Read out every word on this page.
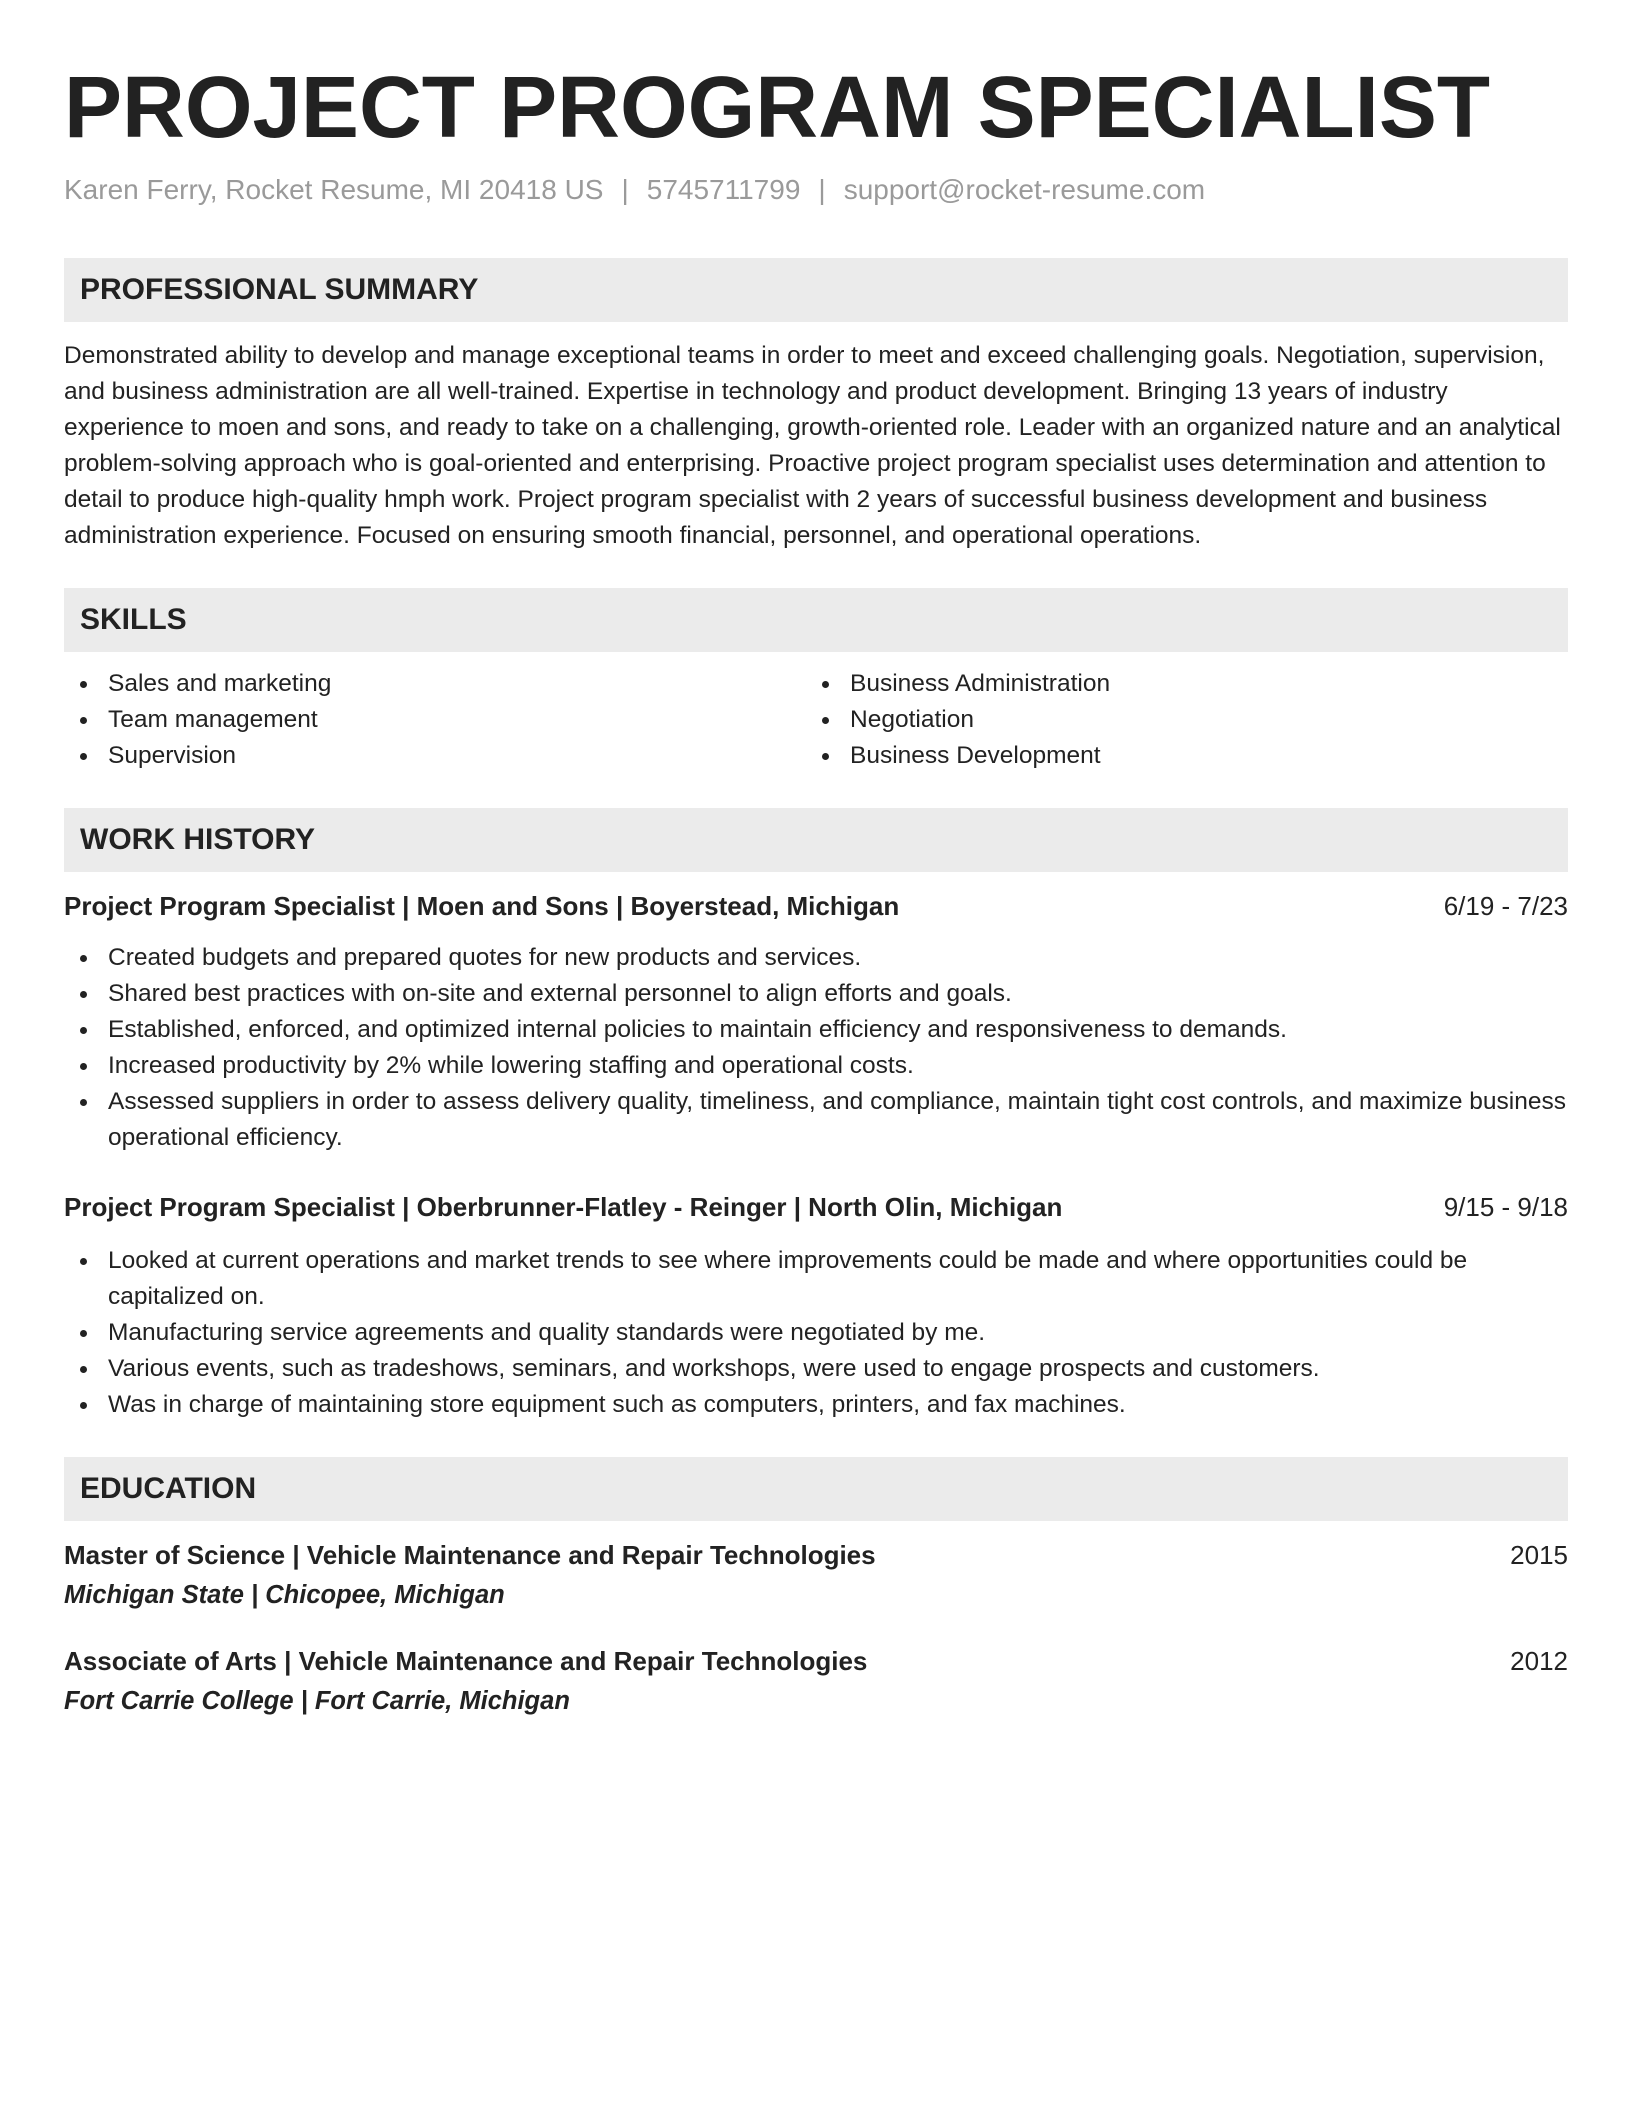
PROJECT PROGRAM SPECIALIST
Karen Ferry, Rocket Resume, MI 20418 US | 5745711799 | support@rocket-resume.com
PROFESSIONAL SUMMARY

Demonstrated ability to develop and manage exceptional teams in order to meet and exceed challenging goals. Negotiation, supervision, and business administration are all well-trained. Expertise in technology and product development. Bringing 13 years of industry experience to moen and sons, and ready to take on a challenging, growth-oriented role. Leader with an organized nature and an analytical problem-solving approach who is goal-oriented and enterprising. Proactive project program specialist uses determination and attention to detail to produce high-quality hmph work. Project program specialist with 2 years of successful business development and business administration experience. Focused on ensuring smooth financial, personnel, and operational operations.

SKILLS
Sales and marketing
Team management
Supervision
Business Administration
Negotiation
Business Development
WORK HISTORY
Project Program Specialist | Moen and Sons | Boyerstead, Michigan	6/19 - 7/23
Created budgets and prepared quotes for new products and services.
Shared best practices with on-site and external personnel to align efforts and goals.
Established, enforced, and optimized internal policies to maintain efficiency and responsiveness to demands.
Increased productivity by 2% while lowering staffing and operational costs.
Assessed suppliers in order to assess delivery quality, timeliness, and compliance, maintain tight cost controls, and maximize business operational efficiency.
Project Program Specialist | Oberbrunner-Flatley - Reinger | North Olin, Michigan	9/15 - 9/18
Looked at current operations and market trends to see where improvements could be made and where opportunities could be capitalized on.
Manufacturing service agreements and quality standards were negotiated by me.
Various events, such as tradeshows, seminars, and workshops, were used to engage prospects and customers.
Was in charge of maintaining store equipment such as computers, printers, and fax machines.
EDUCATION
Master of Science | Vehicle Maintenance and Repair Technologies	2015
Michigan State | Chicopee, Michigan
Associate of Arts | Vehicle Maintenance and Repair Technologies	2012
Fort Carrie College | Fort Carrie, Michigan
